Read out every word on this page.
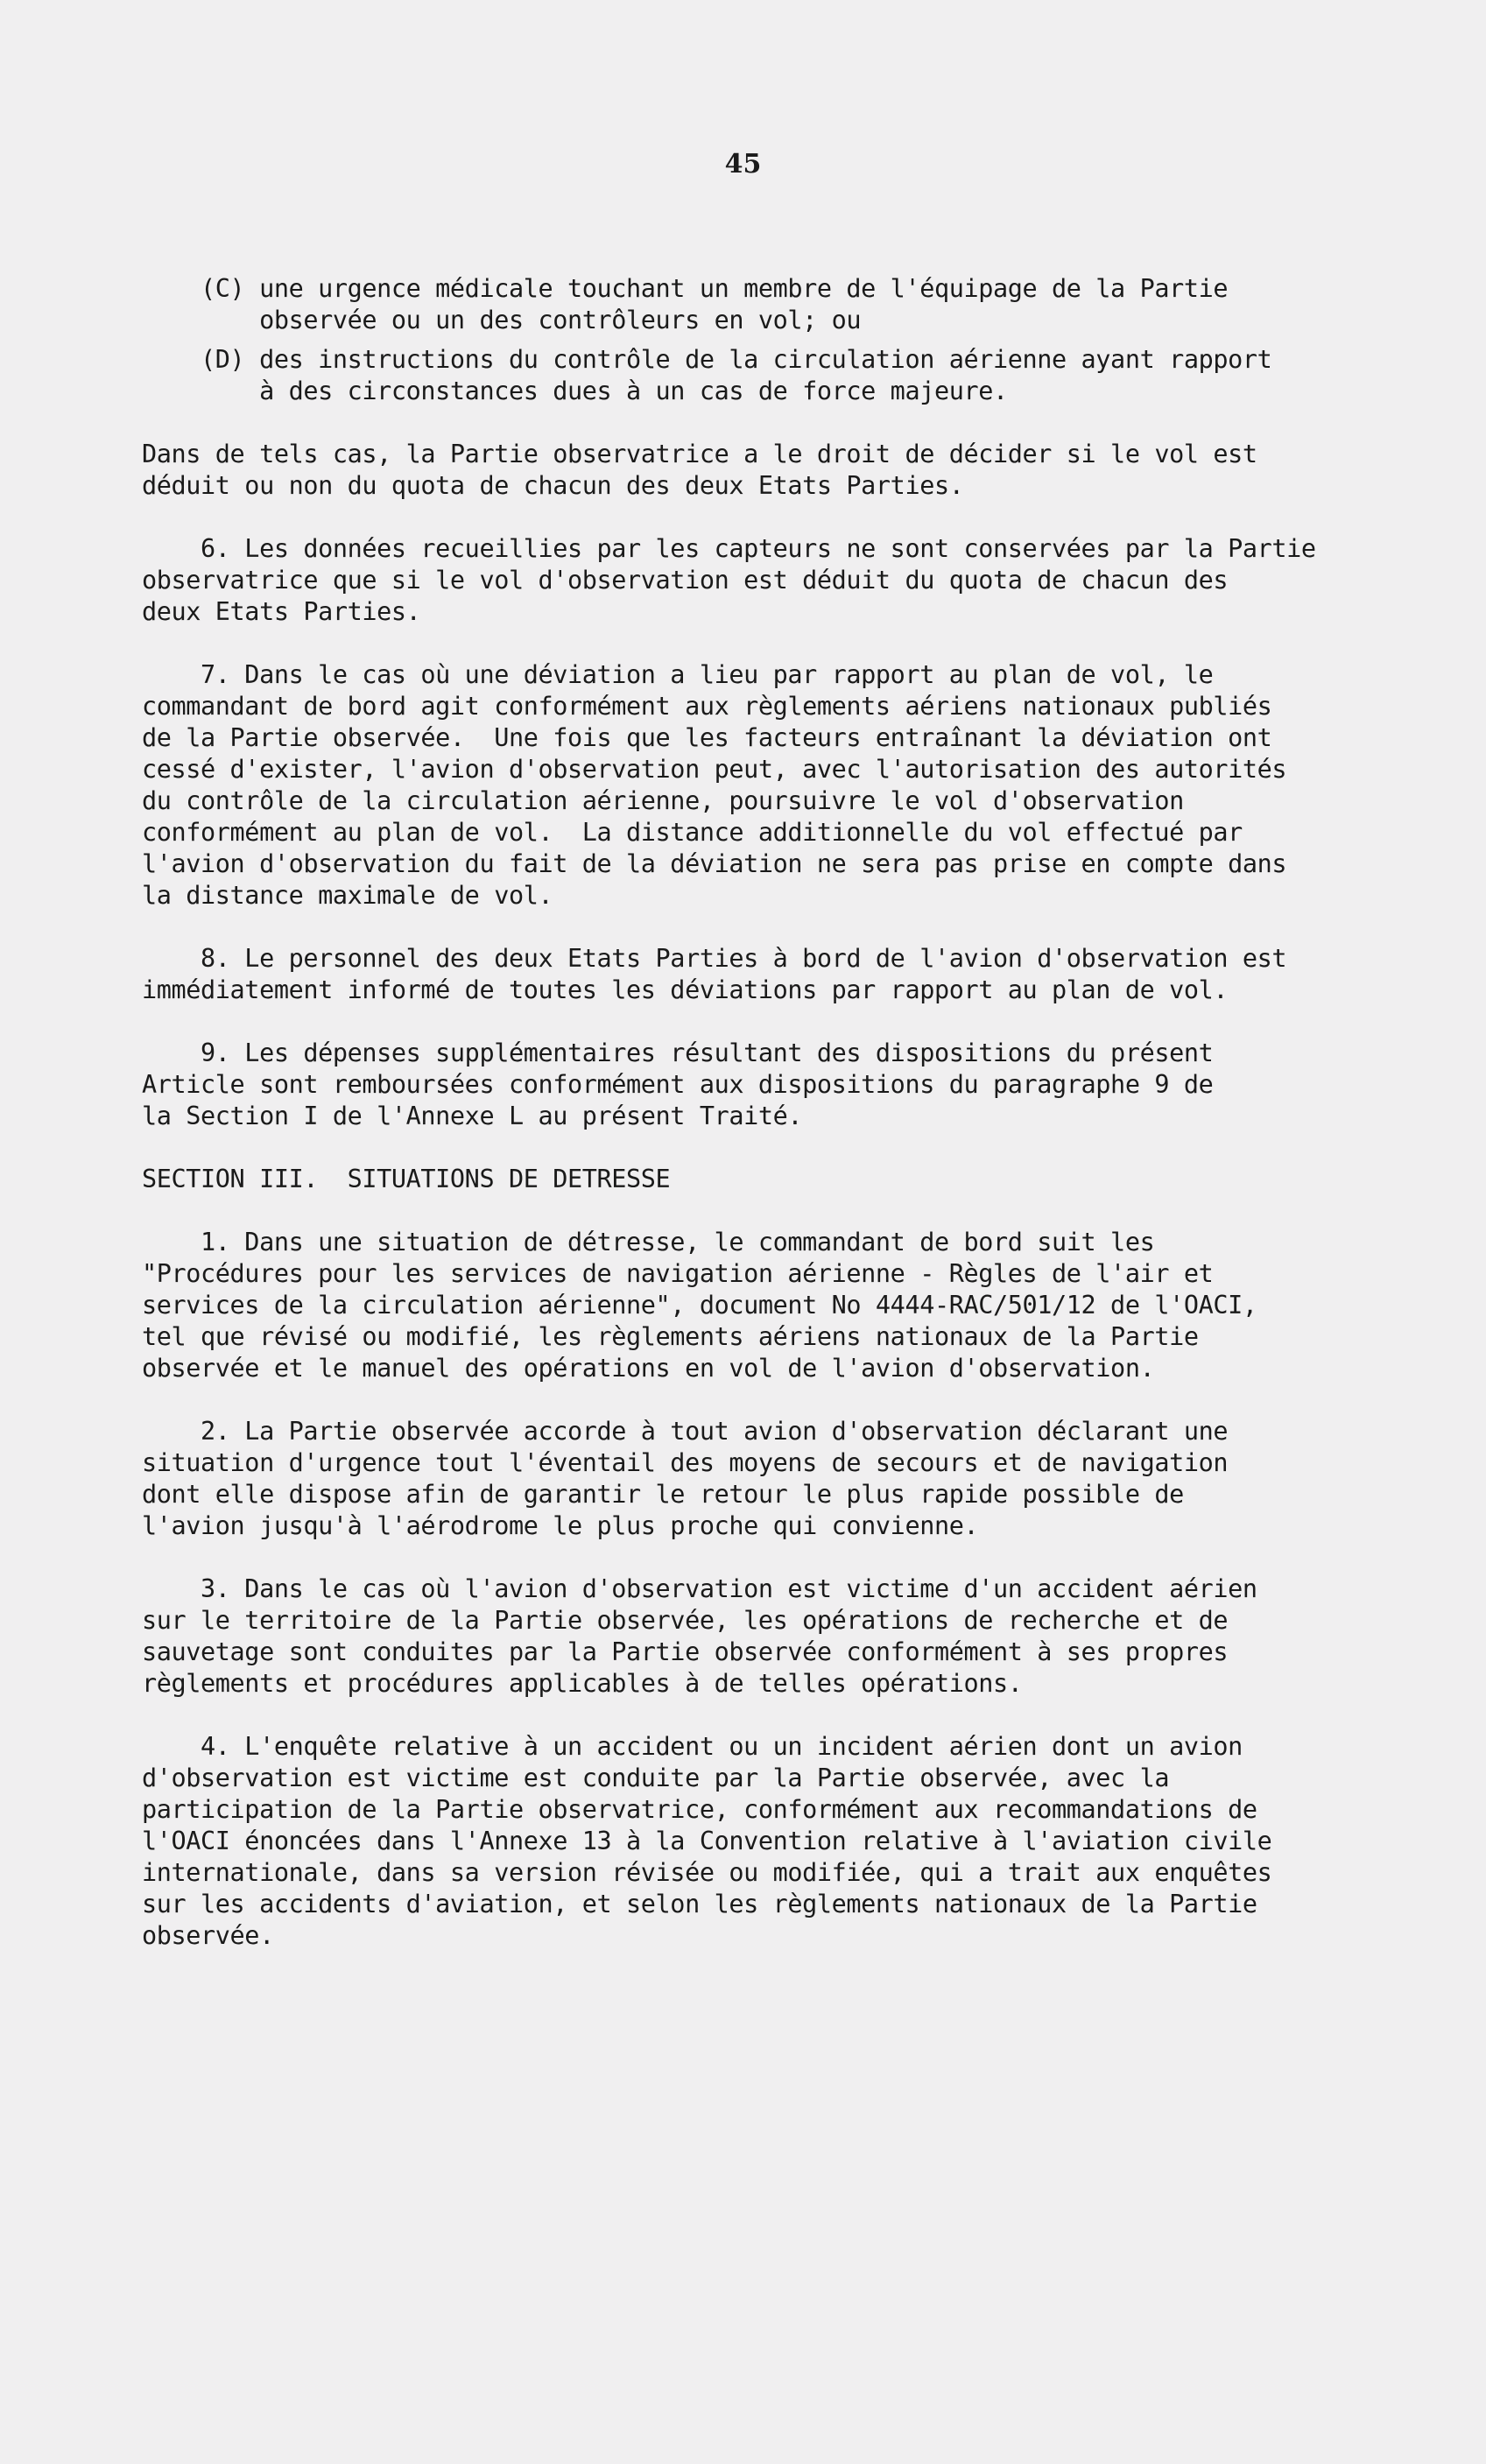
45
(C) une urgence médicale touchant un membre de l'équipage de la Partie
observée ou un des contrôleurs en vol; ou
(D) des instructions du contrôle de la circulation aérienne ayant rapport
à des circonstances dues à un cas de force majeure.
Dans de tels cas, la Partie observatrice a le droit de décider si le vol est
déduit ou non du quota de chacun des deux Etats Parties.
6. Les données recueillies par les capteurs ne sont conservées par la Partie
observatrice que si le vol d'observation est déduit du quota de chacun des
deux Etats Parties.
7. Dans le cas où une déviation a lieu par rapport au plan de vol, le
commandant de bord agit conformément aux règlements aériens nationaux publiés
de la Partie observée.  Une fois que les facteurs entraînant la déviation ont
cessé d'exister, l'avion d'observation peut, avec l'autorisation des autorités
du contrôle de la circulation aérienne, poursuivre le vol d'observation
conformément au plan de vol.  La distance additionnelle du vol effectué par
l'avion d'observation du fait de la déviation ne sera pas prise en compte dans
la distance maximale de vol.
8. Le personnel des deux Etats Parties à bord de l'avion d'observation est
immédiatement informé de toutes les déviations par rapport au plan de vol.
9. Les dépenses supplémentaires résultant des dispositions du présent
Article sont remboursées conformément aux dispositions du paragraphe 9 de
la Section I de l'Annexe L au présent Traité.
SECTION III.  SITUATIONS DE DETRESSE
1. Dans une situation de détresse, le commandant de bord suit les
"Procédures pour les services de navigation aérienne - Règles de l'air et
services de la circulation aérienne", document No 4444-RAC/501/12 de l'OACI,
tel que révisé ou modifié, les règlements aériens nationaux de la Partie
observée et le manuel des opérations en vol de l'avion d'observation.
2. La Partie observée accorde à tout avion d'observation déclarant une
situation d'urgence tout l'éventail des moyens de secours et de navigation
dont elle dispose afin de garantir le retour le plus rapide possible de
l'avion jusqu'à l'aérodrome le plus proche qui convienne.
3. Dans le cas où l'avion d'observation est victime d'un accident aérien
sur le territoire de la Partie observée, les opérations de recherche et de
sauvetage sont conduites par la Partie observée conformément à ses propres
règlements et procédures applicables à de telles opérations.
4. L'enquête relative à un accident ou un incident aérien dont un avion
d'observation est victime est conduite par la Partie observée, avec la
participation de la Partie observatrice, conformément aux recommandations de
l'OACI énoncées dans l'Annexe 13 à la Convention relative à l'aviation civile
internationale, dans sa version révisée ou modifiée, qui a trait aux enquêtes
sur les accidents d'aviation, et selon les règlements nationaux de la Partie
observée.
